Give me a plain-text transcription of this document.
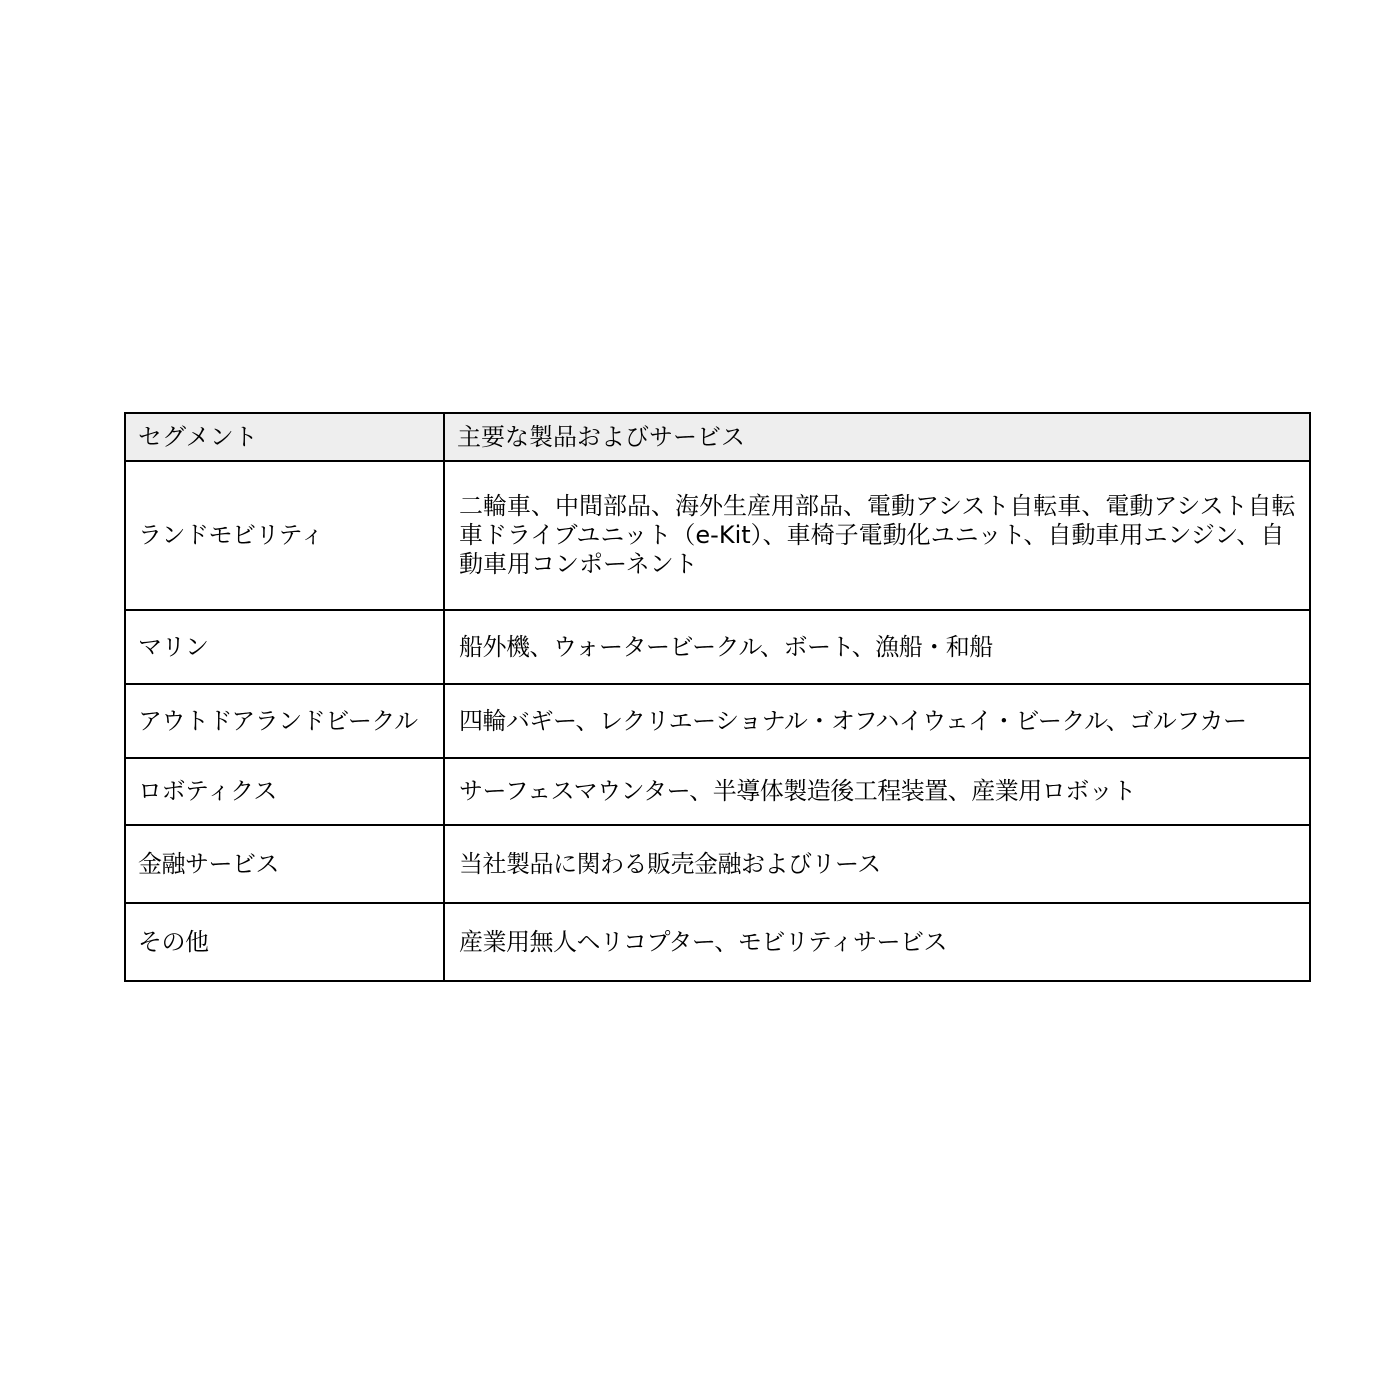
セグメント	主要な製品およびサービス
ランドモビリティ	二輪車、中間部品、海外生産用部品、電動アシスト自転車、電動アシスト自転車ドライブユニット（e-Kit）、車椅子電動化ユニット、自動車用エンジン、自動車用コンポーネント
マリン	船外機、ウォータービークル、ボート、漁船・和船
アウトドアランドビークル	四輪バギー、レクリエーショナル・オフハイウェイ・ビークル、ゴルフカー
ロボティクス	サーフェスマウンター、半導体製造後工程装置、産業用ロボット
金融サービス	当社製品に関わる販売金融およびリース
その他	産業用無人ヘリコプター、モビリティサービス
